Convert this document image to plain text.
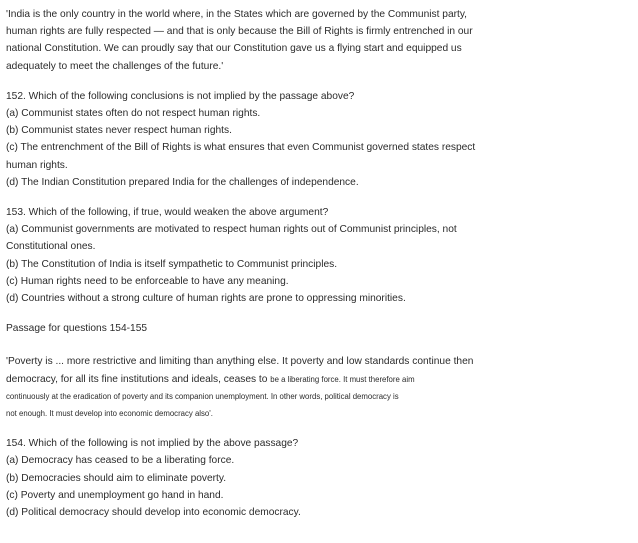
'India is the only country in the world where, in the States which are governed by the Communist party,
human rights are fully respected — and that is only because the Bill of Rights is firmly entrenched in our
national Constitution. We can proudly say that our Constitution gave us a flying start and equipped us
adequately to meet the challenges of the future.'
152. Which of the following conclusions is not implied by the passage above?
(a) Communist states often do not respect human rights.
(b) Communist states never respect human rights.
(c) The entrenchment of the Bill of Rights is what ensures that even Communist governed states respect
human rights.
(d) The Indian Constitution prepared India for the challenges of independence.
153. Which of the following, if true, would weaken the above argument?
(a) Communist governments are motivated to respect human rights out of Communist principles, not
Constitutional ones.
(b) The Constitution of India is itself sympathetic to Communist principles.
(c) Human rights need to be enforceable to have any meaning.
(d) Countries without a strong culture of human rights are prone to oppressing minorities.
Passage for questions 154-155
'Poverty is ... more restrictive and limiting than anything else. It poverty and low standards continue then
democracy, for all its fine institutions and ideals, ceases to be a liberating force. It must therefore aim
continuously at the eradication of poverty and its companion unemployment. In other words, political democracy is
not enough. It must develop into economic democracy also'.
154. Which of the following is not implied by the above passage?
(a) Democracy has ceased to be a liberating force.
(b) Democracies should aim to eliminate poverty.
(c) Poverty and unemployment go hand in hand.
(d) Political democracy should develop into economic democracy.
